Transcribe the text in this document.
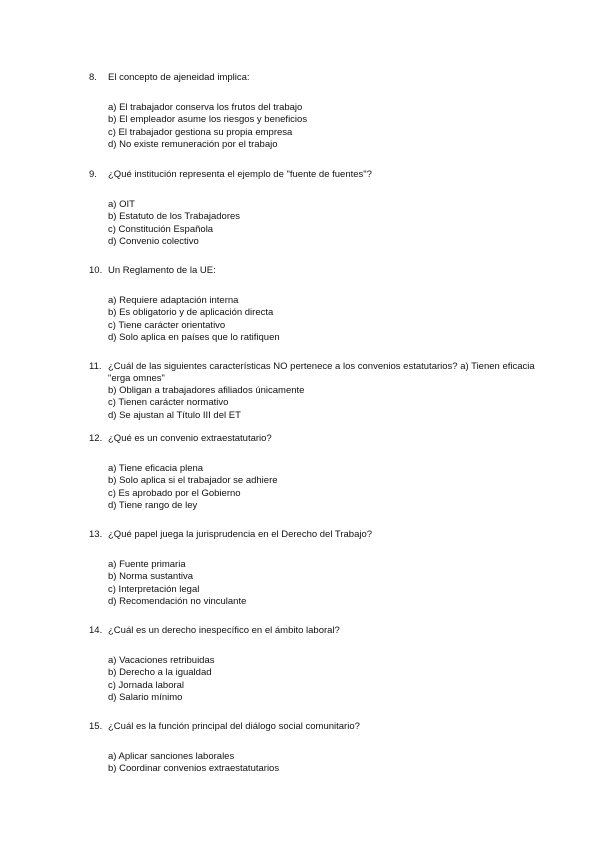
8.	El concepto de ajeneidad implica:
a) El trabajador conserva los frutos del trabajo
b) El empleador asume los riesgos y beneficios
c) El trabajador gestiona su propia empresa
d) No existe remuneración por el trabajo
9.	¿Qué institución representa el ejemplo de "fuente de fuentes"?
a) OIT
b) Estatuto de los Trabajadores
c) Constitución Española
d) Convenio colectivo
10. Un Reglamento de la UE:
a) Requiere adaptación interna
b) Es obligatorio y de aplicación directa
c) Tiene carácter orientativo
d) Solo aplica en países que lo ratifiquen
11. ¿Cuál de las siguientes características NO pertenece a los convenios estatutarios? a) Tienen eficacia "erga omnes"
b) Obligan a trabajadores afiliados únicamente
c) Tienen carácter normativo
d) Se ajustan al Título III del ET
12. ¿Qué es un convenio extraestatutario?
a) Tiene eficacia plena
b) Solo aplica si el trabajador se adhiere
c) Es aprobado por el Gobierno
d) Tiene rango de ley
13. ¿Qué papel juega la jurisprudencia en el Derecho del Trabajo?
a) Fuente primaria
b) Norma sustantiva
c) Interpretación legal
d) Recomendación no vinculante
14. ¿Cuál es un derecho inespecífico en el ámbito laboral?
a) Vacaciones retribuidas
b) Derecho a la igualdad
c) Jornada laboral
d) Salario mínimo
15. ¿Cuál es la función principal del diálogo social comunitario?
a) Aplicar sanciones laborales
b) Coordinar convenios extraestatutarios
